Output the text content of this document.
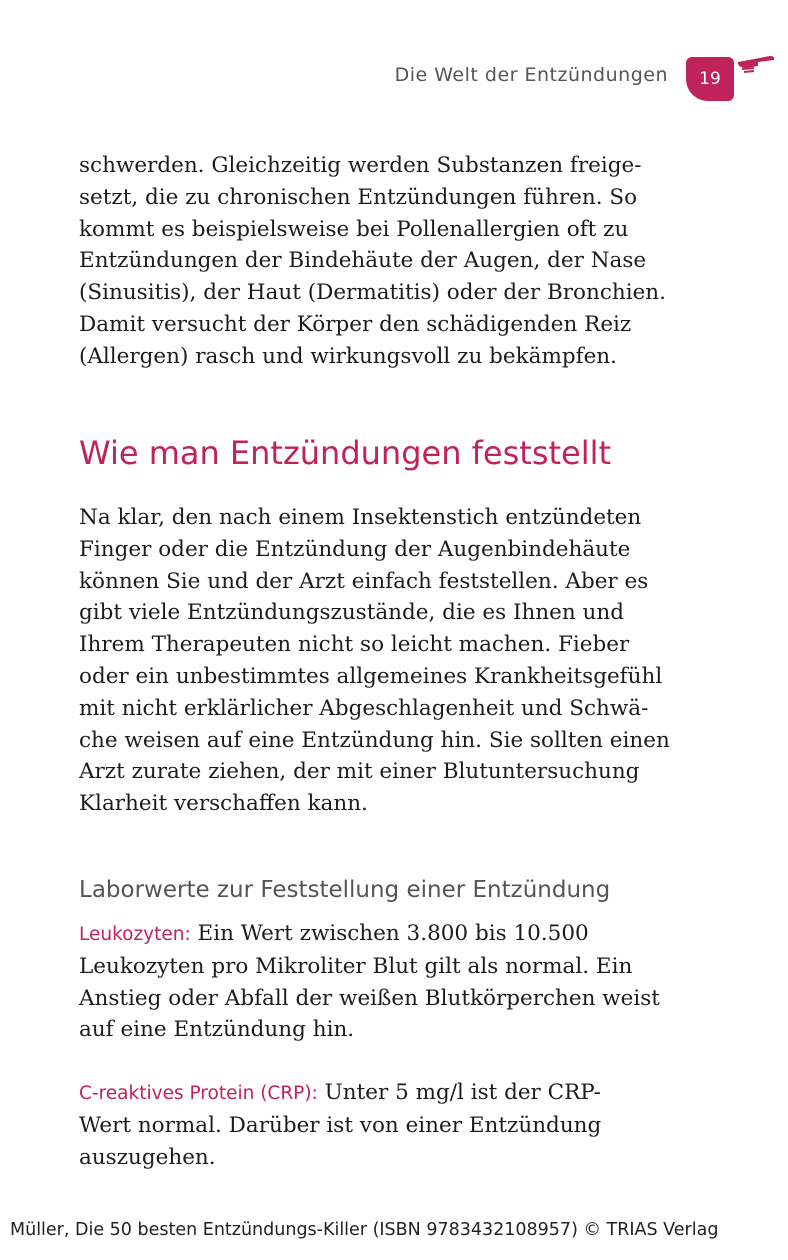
Die Welt der Entzündungen	19

schwerden. Gleichzeitig werden Substanzen freige-
setzt, die zu chronischen Entzündungen führen. So
kommt es beispielsweise bei Pollenallergien oft zu
Entzündungen der Bindehäute der Augen, der Nase
(Sinusitis), der Haut (Dermatitis) oder der Bronchien.
Damit versucht der Körper den schädigenden Reiz
(Allergen) rasch und wirkungsvoll zu bekämpfen.

Wie man Entzündungen feststellt

Na klar, den nach einem Insektenstich entzündeten
Finger oder die Entzündung der Augenbindehäute
können Sie und der Arzt einfach feststellen. Aber es
gibt viele Entzündungszustände, die es Ihnen und
Ihrem Therapeuten nicht so leicht machen. Fieber
oder ein unbestimmtes allgemeines Krankheitsgefühl
mit nicht erklärlicher Abgeschlagenheit und Schwä-
che weisen auf eine Entzündung hin. Sie sollten einen
Arzt zurate ziehen, der mit einer Blutuntersuchung
Klarheit verschaffen kann.

Laborwerte zur Feststellung einer Entzündung

Leukozyten: Ein Wert zwischen 3.800 bis 10.500
Leukozyten pro Mikroliter Blut gilt als normal. Ein
Anstieg oder Abfall der weißen Blutkörperchen weist
auf eine Entzündung hin.

C-reaktives Protein (CRP): Unter 5 mg/l ist der CRP-
Wert normal. Darüber ist von einer Entzündung
auszugehen.

Müller, Die 50 besten Entzündungs-Killer (ISBN 9783432108957) © TRIAS Verlag
